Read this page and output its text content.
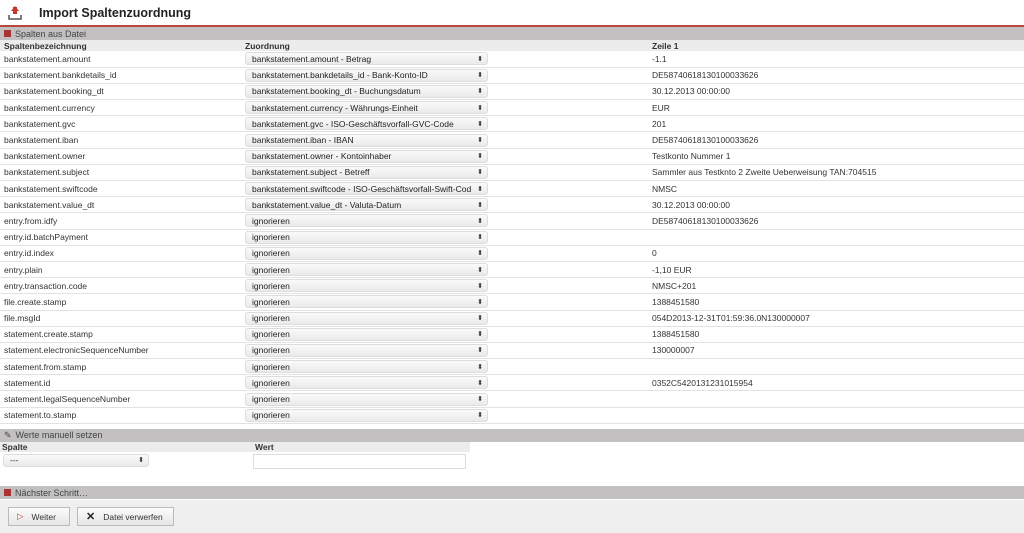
Import Spaltenzuordnung
Spalten aus Datei
Spaltenbezeichnung	Zuordnung	Zeile 1
bankstatement.amount	bankstatement.amount - Betrag ⬍	-1.1
bankstatement.bankdetails_id	bankstatement.bankdetails_id - Bank-Konto-ID ⬍	DE58740618130100033626
bankstatement.booking_dt	bankstatement.booking_dt - Buchungsdatum ⬍	30.12.2013 00:00:00
bankstatement.currency	bankstatement.currency - Währungs-Einheit ⬍	EUR
bankstatement.gvc	bankstatement.gvc - ISO-Geschäftsvorfall-GVC-Code ⬍	201
bankstatement.iban	bankstatement.iban - IBAN ⬍	DE58740618130100033626
bankstatement.owner	bankstatement.owner - Kontoinhaber ⬍	Testkonto Nummer 1
bankstatement.subject	bankstatement.subject - Betreff ⬍	Sammler aus Testknto 2 Zweite Ueberweisung TAN:704515
bankstatement.swiftcode	bankstatement.swiftcode - ISO-Geschäftsvorfall-Swift-Cod ⬍	NMSC
bankstatement.value_dt	bankstatement.value_dt - Valuta-Datum ⬍	30.12.2013 00:00:00
entry.from.idfy	ignorieren ⬍	DE58740618130100033626
entry.id.batchPayment	ignorieren ⬍	

entry.id.index	ignorieren ⬍	0
entry.plain	ignorieren ⬍	-1,10 EUR
entry.transaction.code	ignorieren ⬍	NMSC+201
file.create.stamp	ignorieren ⬍	1388451580
file.msgId	ignorieren ⬍	054D2013-12-31T01:59:36.0N130000007
statement.create.stamp	ignorieren ⬍	1388451580
statement.electronicSequenceNumber	ignorieren ⬍	130000007
statement.from.stamp	ignorieren ⬍	

statement.id	ignorieren ⬍	0352C5420131231015954
statement.legalSequenceNumber	ignorieren ⬍	

statement.to.stamp	ignorieren ⬍	

✎ Werte manuell setzen
Spalte
---	⬍
Wert
Nächster Schritt…
▷ Weiter	✕ Datei verwerfen
